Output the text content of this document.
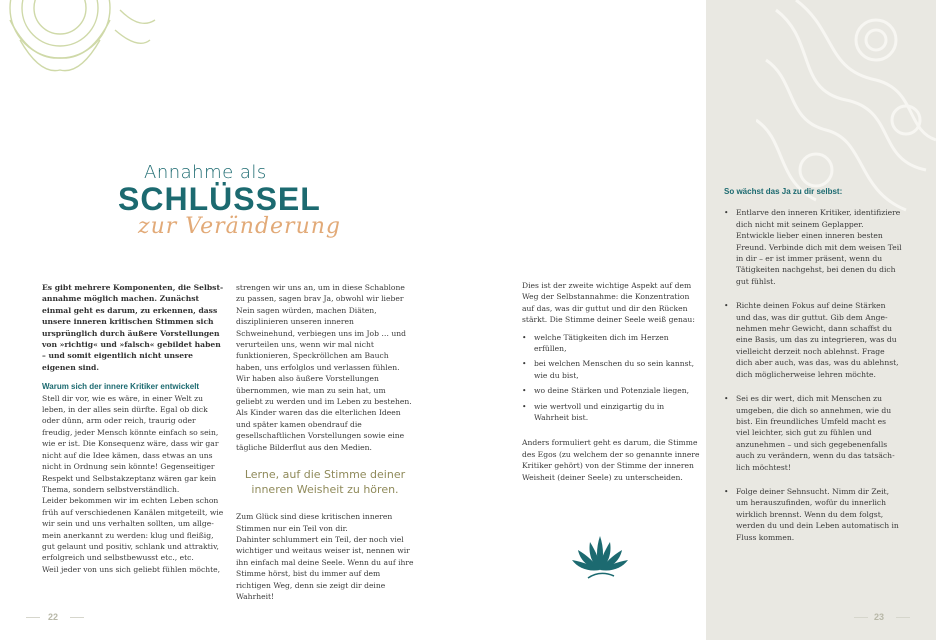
Annahme als
SCHLÜSSEL
zur Veränderung

Es gibt mehrere Komponenten, die Selbstannahme möglich machen. Zunächst einmal geht es darum, zu erkennen, dass unsere inneren kritischen Stimmen sich ursprünglich durch äußere Vorstellungen von »richtig« und »falsch« gebildet haben – und somit eigentlich nicht unsere eigenen sind.

Warum sich der innere Kritiker entwickelt

Stell dir vor, wie es wäre, in einer Welt zu leben, in der alles sein dürfte. Egal ob dick oder dünn, arm oder reich, traurig oder freudig, jeder Mensch könnte einfach so sein, wie er ist. Die Konsequenz wäre, dass wir gar nicht auf die Idee kämen, dass etwas an uns nicht in Ordnung sein könnte! Gegenseitiger Respekt und Selbstakzeptanz wären gar kein Thema, sondern selbstverständlich.

Leider bekommen wir im echten Leben schon früh auf verschiedenen Kanälen mitgeteilt, wie wir sein und uns verhalten sollten, um allgemein anerkannt zu werden: klug und fleißig, gut gelaunt und positiv, schlank und attraktiv, erfolgreich und selbstbewusst etc., etc.

Weil jeder von uns sich geliebt fühlen möchte,

strengen wir uns an, um in diese Schablone zu passen, sagen brav Ja, obwohl wir lieber Nein sagen würden, machen Diäten, disziplinieren unseren inneren Schweinehund, verbiegen uns im Job … und verurteilen uns, wenn wir mal nicht funktionieren, Speckröllchen am Bauch haben, uns erfolglos und verlassen fühlen. Wir haben also äußere Vorstellungen übernommen, wie man zu sein hat, um geliebt zu werden und im Leben zu bestehen. Als Kinder waren das die elterlichen Ideen und später kamen obendrauf die gesellschaftlichen Vorstellungen sowie eine tägliche Bilderflut aus den Medien.

Lerne, auf die Stimme deiner inneren Weisheit zu hören.

Zum Glück sind diese kritischen inneren Stimmen nur ein Teil von dir.

Dahinter schlummert ein Teil, der noch viel wichtiger und weitaus weiser ist, nennen wir ihn einfach mal deine Seele. Wenn du auf ihre Stimme hörst, bist du immer auf dem richtigen Weg, denn sie zeigt dir deine Wahrheit!

22

Dies ist der zweite wichtige Aspekt auf dem Weg der Selbstannahme: die Konzentration auf das, was dir guttut und dir den Rücken stärkt. Die Stimme deiner Seele weiß genau:

• welche Tätigkeiten dich im Herzen erfüllen,
• bei welchen Menschen du so sein kannst, wie du bist,
• wo deine Stärken und Potenziale liegen,
• wie wertvoll und einzigartig du in Wahrheit bist.

Anders formuliert geht es darum, die Stimme des Egos (zu welchem der so genannte innere Kritiker gehört) von der Stimme der inneren Weisheit (deiner Seele) zu unterscheiden.

So wächst das Ja zu dir selbst:
• Entlarve den inneren Kritiker, identifiziere dich nicht mit seinem Geplapper. Entwickle lieber einen inneren besten Freund. Verbinde dich mit dem weisen Teil in dir – er ist immer präsent, wenn du Tätigkeiten nachgehst, bei denen du dich gut fühlst.
• Richte deinen Fokus auf deine Stärken und das, was dir guttut. Gib dem Angenehmen mehr Gewicht, dann schaffst du eine Basis, um das zu integrieren, was du vielleicht derzeit noch ablehnst. Frage dich aber auch, was das, was du ablehnst, dich möglicherweise lehren möchte.
• Sei es dir wert, dich mit Menschen zu umgeben, die dich so annehmen, wie du bist. Ein freundliches Umfeld macht es viel leichter, sich gut zu fühlen und anzunehmen – und sich gegebenenfalls auch zu verändern, wenn du das tatsächlich möchtest!
• Folge deiner Sehnsucht. Nimm dir Zeit, um herauszufinden, wofür du innerlich wirklich brennst. Wenn du dem folgst, werden du und dein Leben automatisch in Fluss kommen.
23
